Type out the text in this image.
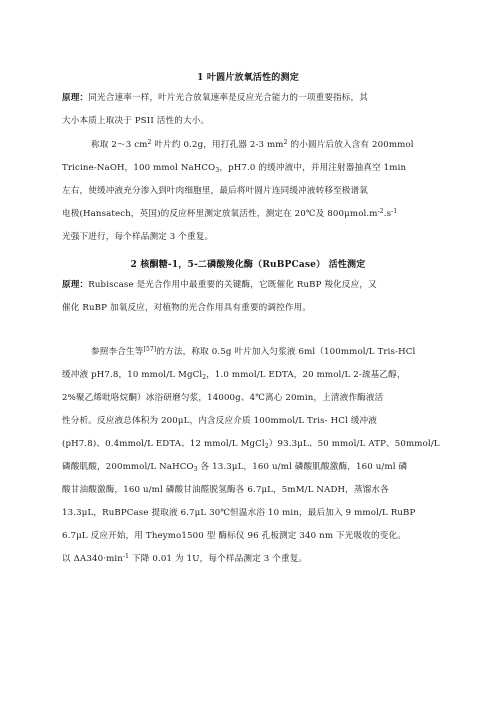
1 叶圆片放氧活性的测定
原理：同光合速率一样，叶片光合放氧速率是反应光合能力的一项重要指标，其
大小本质上取决于 PSII 活性的大小。
称取 2～3 $cm^2$ 叶片约 0.2g，用打孔器 2-3 $mm^2$ 的小圆片后放入含有 200mmol
Tricine-NaOH，100 mmol NaHCO$_3$，pH7.0 的缓冲液中，并用注射器抽真空 1min
左右，使缓冲液充分渗入到叶肉细胞里，最后将叶圆片连同缓冲液转移至极谱氧
电极(Hansatech，英国)的反应杯里测定放氧活性，测定在 20℃及 $800\mu mol.m^{-2}.s^{-1}$
光强下进行，每个样品测定 3 个重复。
2 核酮糖-1，5-二磷酸羧化酶（RuBPCase） 活性测定
原理：Rubiscase 是光合作用中最重要的关键酶，它既催化 RuBP 羧化反应，又
催化 RuBP 加氧反应，对植物的光合作用具有重要的调控作用。
参照李合生等[57]的方法，称取 0.5g 叶片加入匀浆液 6ml（100mmol/L Tris-HCl
缓冲液 pH7.8，10 mmol/L MgCl$_2$，1.0 mmol/L EDTA，20 mmol/L 2-巯基乙醇，
2%聚乙烯吡咯烷酮）冰浴研磨匀浆，14000g、4℃离心 20min，上清液作酶液活
性分析。反应液总体积为 200μL，内含反应介质 100mmol/L Tris- HCl 缓冲液
(pH7.8)、0.4mmol/L EDTA、12 mmol/L MgCl$_2$）93.3μL、50 mmol/L ATP、50mmol/L
磷酸肌酸，200mmol/L NaHCO$_3$ 各 13.3μL，160 u/ml 磷酸肌酸激酶，160 u/ml 磷
酸甘油酸激酶，160 u/ml 磷酸甘油醛脱氢酶各 6.7μL，5mM/L NADH，蒸馏水各
13.3μL，RuBPCase 提取液 6.7μL 30℃恒温水浴 10 min，最后加入 9 mmol/L RuBP
6.7μL 反应开始，用 Theymo1500 型 酶标仪 96 孔板测定 340 nm 下光吸收的变化。
以 $\Delta A340\cdot\min^{-1}$ 下降 0.01 为 1U，每个样品测定 3 个重复。
